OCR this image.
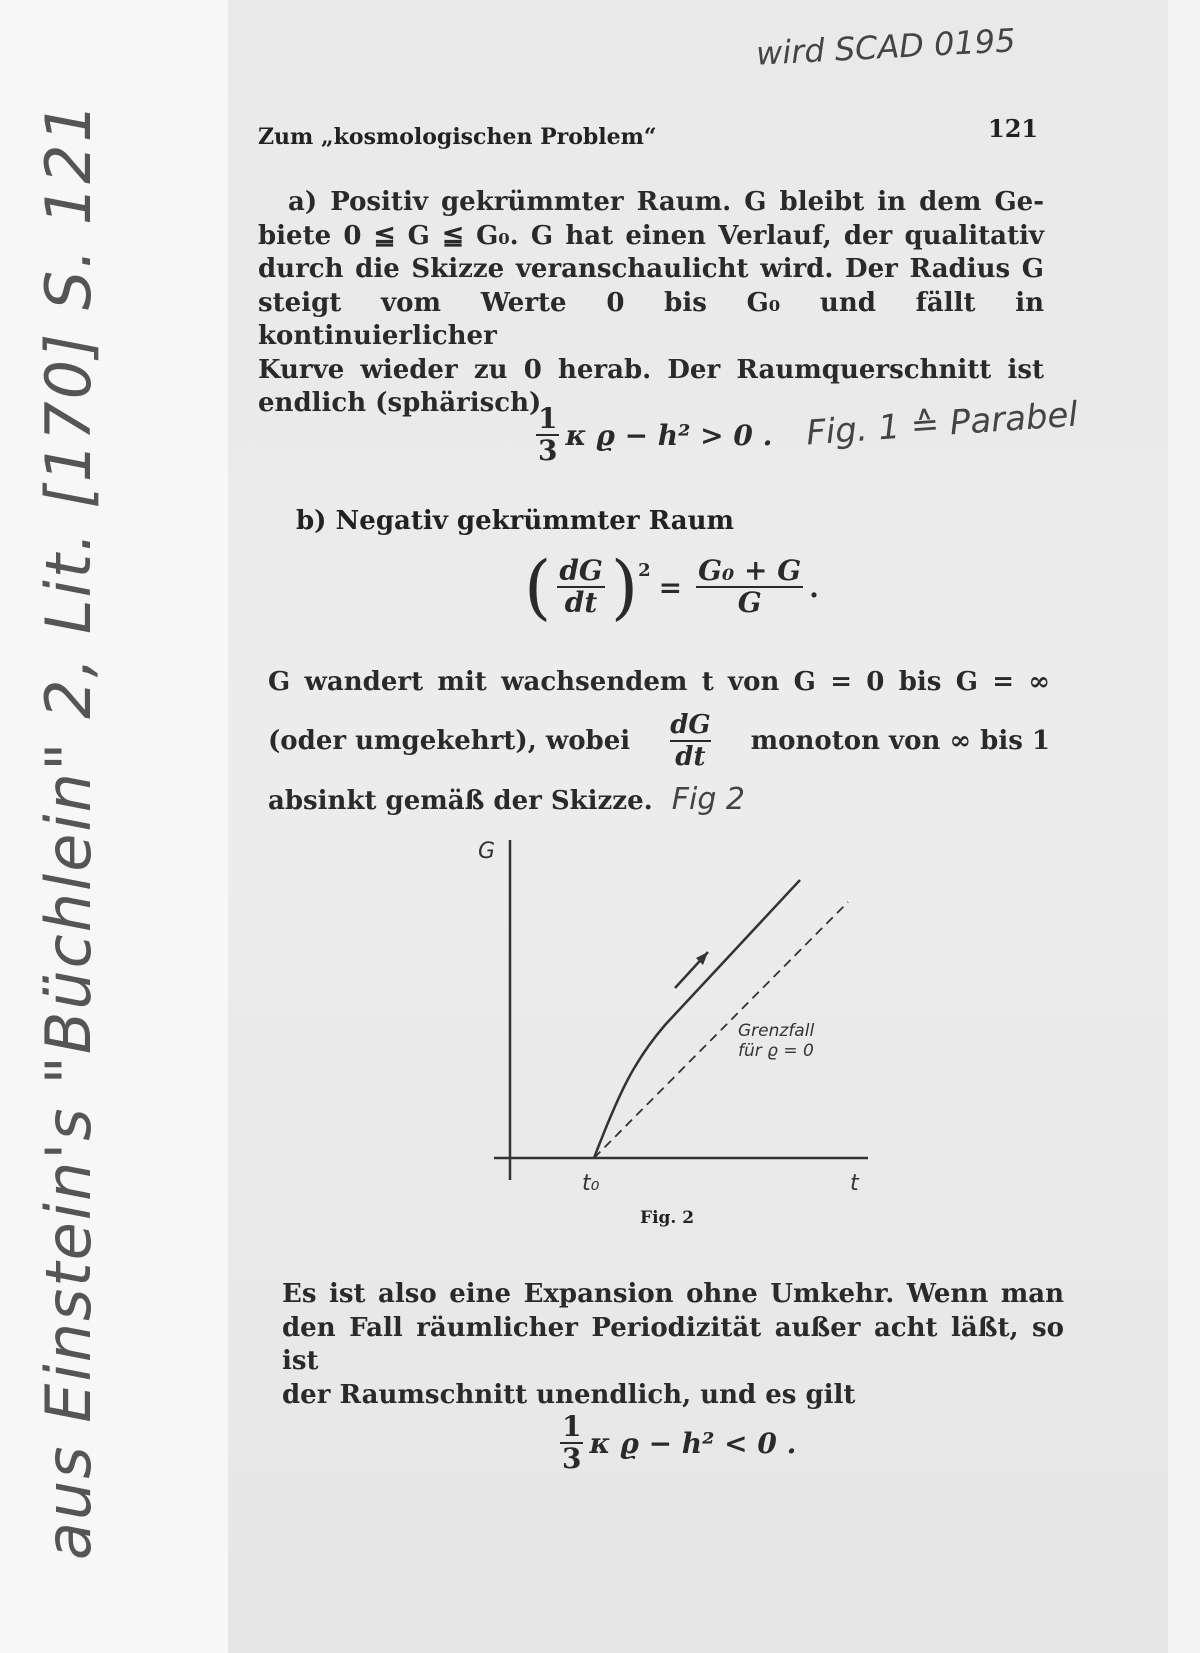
wird SCAD 0195
aus Einstein's "Büchlein" 2, Lit. [170] S. 121	Zum „kosmologischen Problem“	121

a) Positiv gekrümmter Raum. G bleibt in dem Ge-
biete 0 ≦ G ≦ G₀. G hat einen Verlauf, der qualitativ
durch die Skizze veranschaulicht wird. Der Radius G
steigt vom Werte 0 bis G₀ und fällt in kontinuierlicher
Kurve wieder zu 0 herab. Der Raumquerschnitt ist
endlich (sphärisch)

$\frac{1}{3}$ κ ϱ − h² > 0 . Fig. 1 ≙ Parabel
b) Negativ gekrümmter Raum
( $\frac{dG}{dt}$ ) $2 = \frac{\text{G₀ + G}}{G}$ .

G wandert mit wachsendem t von G = 0 bis G = ∞
(oder umgekehrt), wobei $\frac{dG}{dt}$ monoton von ∞ bis 1
absinkt gemäß der Skizze. Fig 2

G
t
t₀
Grenzfall
für ϱ = 0
Fig. 2

Es ist also eine Expansion ohne Umkehr. Wenn man
den Fall räumlicher Periodizität außer acht läßt, so ist
der Raumschnitt unendlich, und es gilt

$\frac{1}{3}$ κ ϱ − h² < 0 .
